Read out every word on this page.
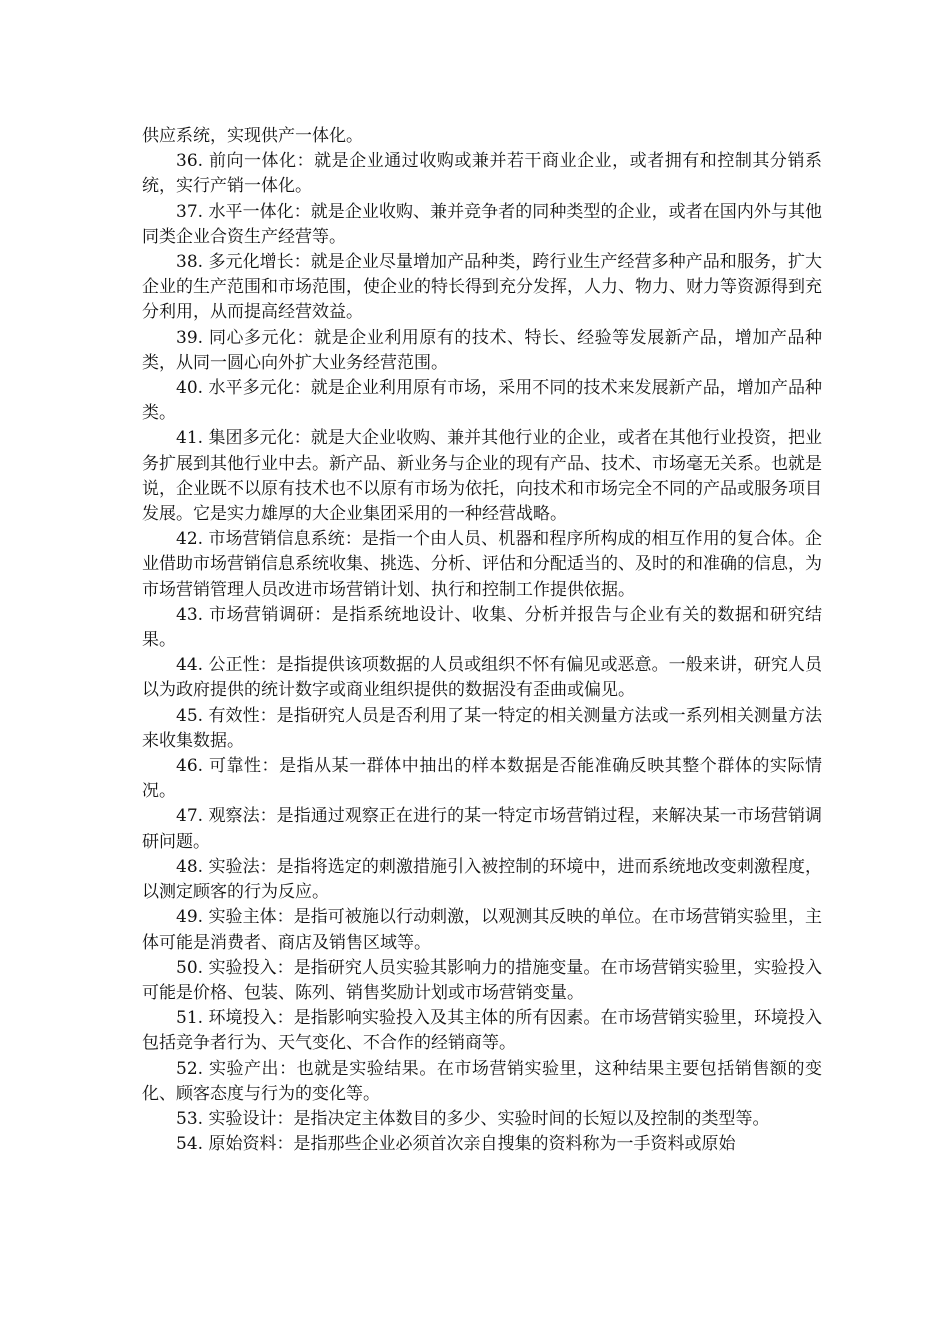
供应系统，实现供产一体化。

36. 前向一体化：就是企业通过收购或兼并若干商业企业，或者拥有和控制其分销系统，实行产销一体化。

37. 水平一体化：就是企业收购、兼并竞争者的同种类型的企业，或者在国内外与其他同类企业合资生产经营等。

38. 多元化增长：就是企业尽量增加产品种类，跨行业生产经营多种产品和服务，扩大企业的生产范围和市场范围，使企业的特长得到充分发挥，人力、物力、财力等资源得到充分利用，从而提高经营效益。

39. 同心多元化：就是企业利用原有的技术、特长、经验等发展新产品，增加产品种类，从同一圆心向外扩大业务经营范围。

40. 水平多元化：就是企业利用原有市场，采用不同的技术来发展新产品，增加产品种类。

41. 集团多元化：就是大企业收购、兼并其他行业的企业，或者在其他行业投资，把业务扩展到其他行业中去。新产品、新业务与企业的现有产品、技术、市场毫无关系。也就是说，企业既不以原有技术也不以原有市场为依托，向技术和市场完全不同的产品或服务项目发展。它是实力雄厚的大企业集团采用的一种经营战略。

42. 市场营销信息系统：是指一个由人员、机器和程序所构成的相互作用的复合体。企业借助市场营销信息系统收集、挑选、分析、评估和分配适当的、及时的和准确的信息，为市场营销管理人员改进市场营销计划、执行和控制工作提供依据。

43. 市场营销调研：是指系统地设计、收集、分析并报告与企业有关的数据和研究结果。

44. 公正性：是指提供该项数据的人员或组织不怀有偏见或恶意。一般来讲，研究人员以为政府提供的统计数字或商业组织提供的数据没有歪曲或偏见。

45. 有效性：是指研究人员是否利用了某一特定的相关测量方法或一系列相关测量方法来收集数据。

46. 可靠性：是指从某一群体中抽出的样本数据是否能准确反映其整个群体的实际情况。

47. 观察法：是指通过观察正在进行的某一特定市场营销过程，来解决某一市场营销调研问题。

48. 实验法：是指将选定的刺激措施引入被控制的环境中，进而系统地改变刺激程度，以测定顾客的行为反应。

49. 实验主体：是指可被施以行动刺激，以观测其反映的单位。在市场营销实验里，主体可能是消费者、商店及销售区域等。

50. 实验投入：是指研究人员实验其影响力的措施变量。在市场营销实验里，实验投入可能是价格、包装、陈列、销售奖励计划或市场营销变量。

51. 环境投入：是指影响实验投入及其主体的所有因素。在市场营销实验里，环境投入包括竞争者行为、天气变化、不合作的经销商等。

52. 实验产出：也就是实验结果。在市场营销实验里，这种结果主要包括销售额的变化、顾客态度与行为的变化等。

53. 实验设计：是指决定主体数目的多少、实验时间的长短以及控制的类型等。

54. 原始资料：是指那些企业必须首次亲自搜集的资料称为一手资料或原始
